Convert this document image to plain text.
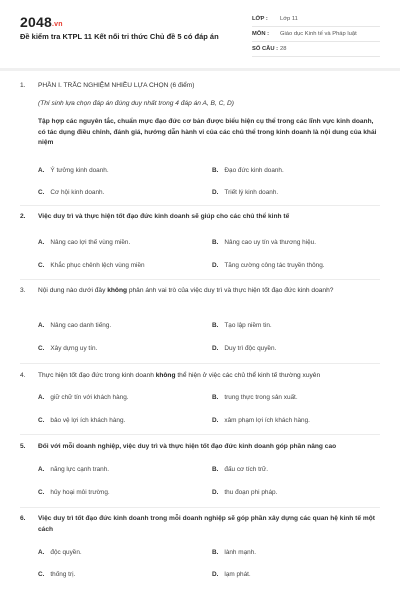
2048.vn
Đề kiểm tra KTPL 11 Kết nối tri thức Chủ đề 5 có đáp án
LỚP :	Lớp 11
MÔN :	Giáo dục Kinh tế và Pháp luật
SỐ CÂU : 28
1.	PHẦN I. TRẮC NGHIỆM NHIỀU LỰA CHỌN (6 điểm)
(Thí sinh lựa chọn đáp án đúng duy nhất trong 4 đáp án A, B, C, D)
Tập hợp các nguyên tắc, chuẩn mực đạo đức cơ bản được biểu hiện cụ thể trong các lĩnh vực kinh doanh, có tác dụng điều chỉnh, đánh giá, hướng dẫn hành vi của các chủ thể trong kinh doanh là nội dung của khái niệm
A. Ý tưởng kinh doanh.	B. Đạo đức kinh doanh.
C. Cơ hội kinh doanh.	D. Triết lý kinh doanh.
2.	Việc duy trì và thực hiện tốt đạo đức kinh doanh sẽ giúp cho các chủ thể kinh tế
A. Nâng cao lợi thế vùng miền.	B. Nâng cao uy tín và thương hiệu.
C. Khắc phục chênh lệch vùng miền	D. Tăng cường công tác truyền thông.
3.	Nội dung nào dưới đây không phản ánh vai trò của việc duy trì và thực hiện tốt đạo đức kinh doanh?
A. Nâng cao danh tiếng.	B. Tạo lập niềm tin.
C. Xây dựng uy tín.	D. Duy trì độc quyền.
4.	Thực hiện tốt đạo đức trong kinh doanh không thể hiện ở việc các chủ thể kinh tế thường xuyên
A. giữ chữ tín với khách hàng.	B. trung thực trong sản xuất.
C. bảo vệ lợi ích khách hàng.	D. xâm phạm lợi ích khách hàng.
5.	Đối với mỗi doanh nghiệp, việc duy trì và thực hiện tốt đạo đức kinh doanh góp phần nâng cao
A. năng lực cạnh tranh.	B. đấu cơ tích trữ.
C. hủy hoại môi trường.	D. thu đoạn phi pháp.
6.	Việc duy trì tốt đạo đức kinh doanh trong mỗi doanh nghiệp sẽ góp phần xây dựng các quan hệ kinh tế một cách
A. độc quyền.	B. lành mạnh.
C. thống trị.	D. lạm phát.
